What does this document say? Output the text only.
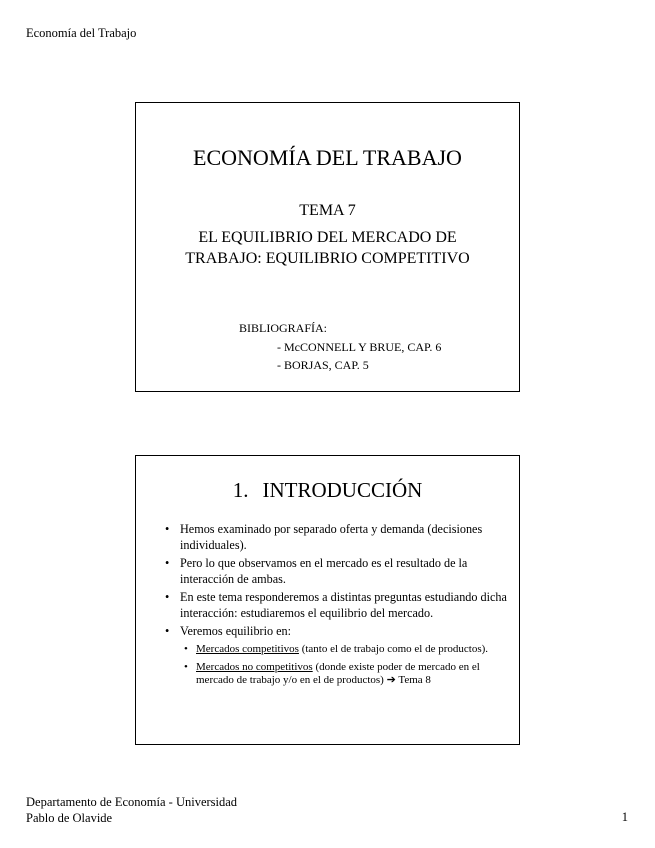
Economía del Trabajo
ECONOMÍA DEL TRABAJO
TEMA 7
EL EQUILIBRIO DEL MERCADO DE
TRABAJO: EQUILIBRIO COMPETITIVO
BIBLIOGRAFÍA:
- McCONNELL Y BRUE, CAP. 6
- BORJAS, CAP. 5
1. INTRODUCCIÓN
• Hemos examinado por separado oferta y demanda (decisiones individuales).
• Pero lo que observamos en el mercado es el resultado de la interacción de ambas.
• En este tema responderemos a distintas preguntas estudiando dicha interacción: estudiaremos el equilibrio del mercado.
• Veremos equilibrio en:
• Mercados competitivos (tanto el de trabajo como el de productos).
• Mercados no competitivos (donde existe poder de mercado en el mercado de trabajo y/o en el de productos) ➔ Tema 8
Departamento de Economía - Universidad
Pablo de Olavide	1
